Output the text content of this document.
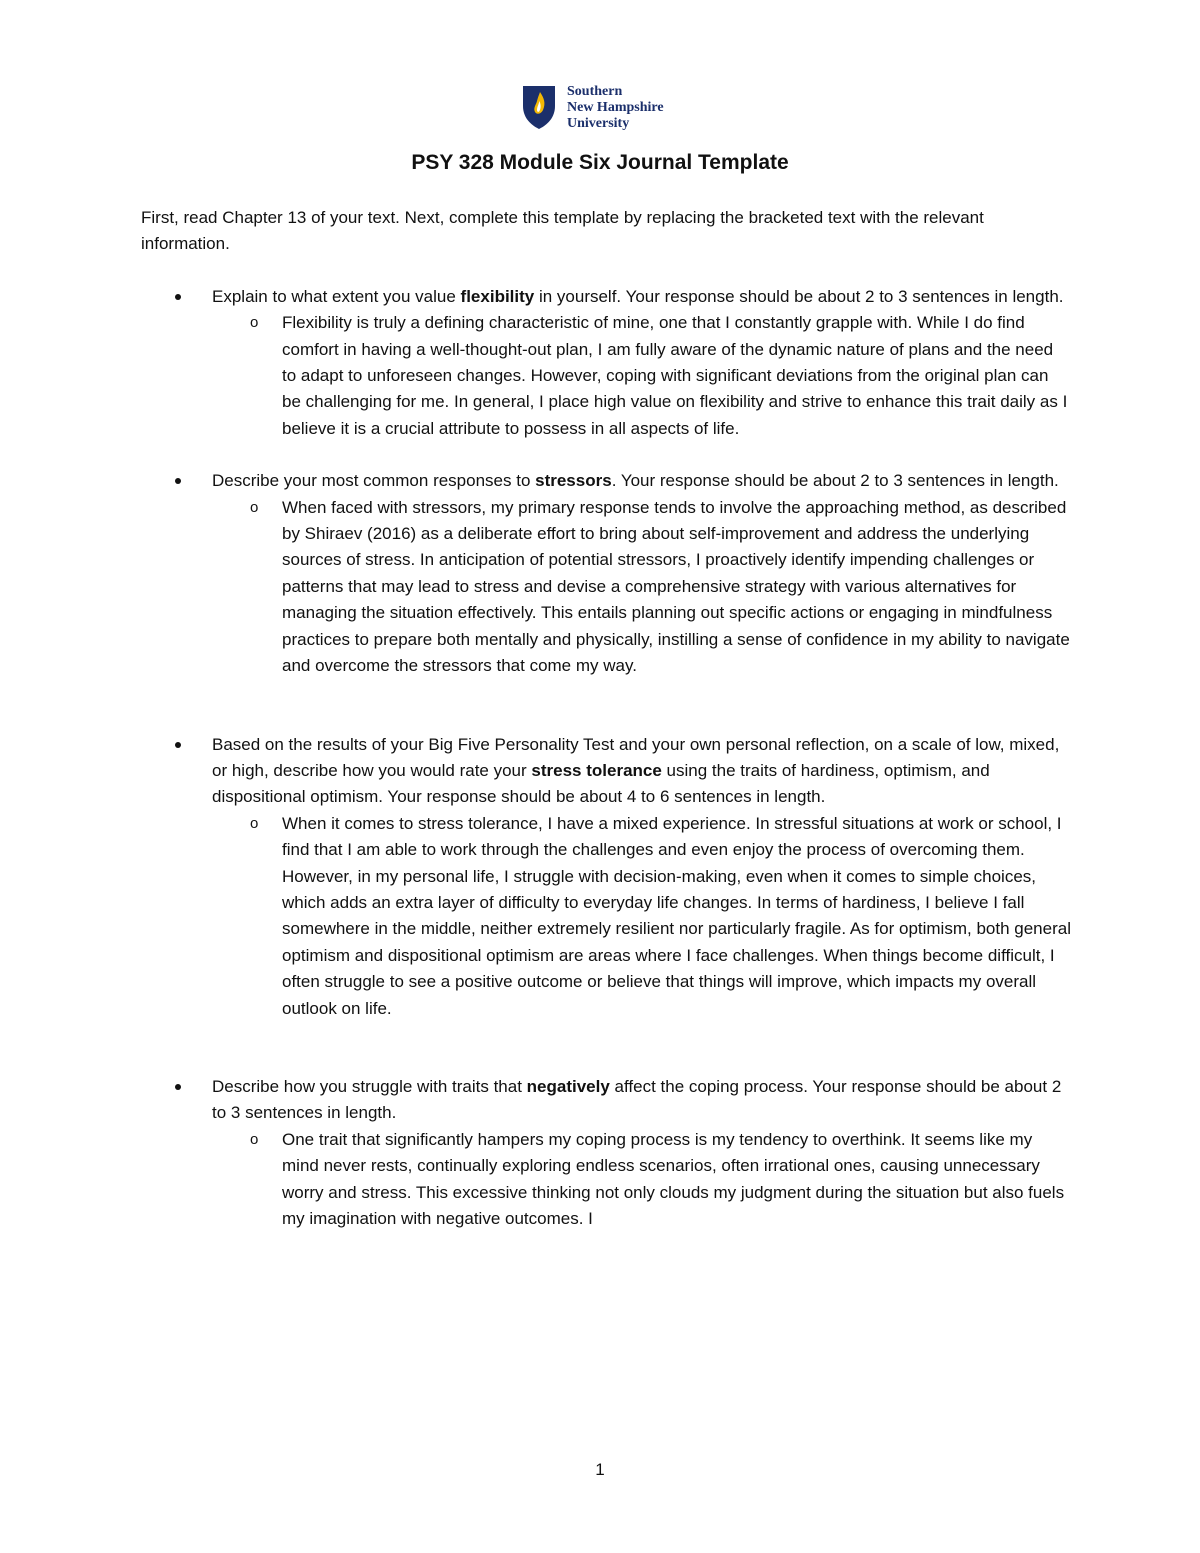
Southern
New Hampshire
University
PSY 328 Module Six Journal Template

First, read Chapter 13 of your text. Next, complete this template by replacing the bracketed text with the relevant information.

Explain to what extent you value flexibility in yourself. Your response should be about 2 to 3 sentences in length.
o Flexibility is truly a defining characteristic of mine, one that I constantly grapple with. While I do find comfort in having a well-thought-out plan, I am fully aware of the dynamic nature of plans and the need to adapt to unforeseen changes. However, coping with significant deviations from the original plan can be challenging for me. In general, I place high value on flexibility and strive to enhance this trait daily as I believe it is a crucial attribute to possess in all aspects of life.
Describe your most common responses to stressors. Your response should be about 2 to 3 sentences in length.
o When faced with stressors, my primary response tends to involve the approaching method, as described by Shiraev (2016) as a deliberate effort to bring about self-improvement and address the underlying sources of stress. In anticipation of potential stressors, I proactively identify impending challenges or patterns that may lead to stress and devise a comprehensive strategy with various alternatives for managing the situation effectively. This entails planning out specific actions or engaging in mindfulness practices to prepare both mentally and physically, instilling a sense of confidence in my ability to navigate and overcome the stressors that come my way.
Based on the results of your Big Five Personality Test and your own personal reflection, on a scale of low, mixed, or high, describe how you would rate your stress tolerance using the traits of hardiness, optimism, and dispositional optimism. Your response should be about 4 to 6 sentences in length.
o When it comes to stress tolerance, I have a mixed experience. In stressful situations at work or school, I find that I am able to work through the challenges and even enjoy the process of overcoming them. However, in my personal life, I struggle with decision-making, even when it comes to simple choices, which adds an extra layer of difficulty to everyday life changes. In terms of hardiness, I believe I fall somewhere in the middle, neither extremely resilient nor particularly fragile. As for optimism, both general optimism and dispositional optimism are areas where I face challenges. When things become difficult, I often struggle to see a positive outcome or believe that things will improve, which impacts my overall outlook on life.
Describe how you struggle with traits that negatively affect the coping process. Your response should be about 2 to 3 sentences in length.
o One trait that significantly hampers my coping process is my tendency to overthink. It seems like my mind never rests, continually exploring endless scenarios, often irrational ones, causing unnecessary worry and stress. This excessive thinking not only clouds my judgment during the situation but also fuels my imagination with negative outcomes. I
1
